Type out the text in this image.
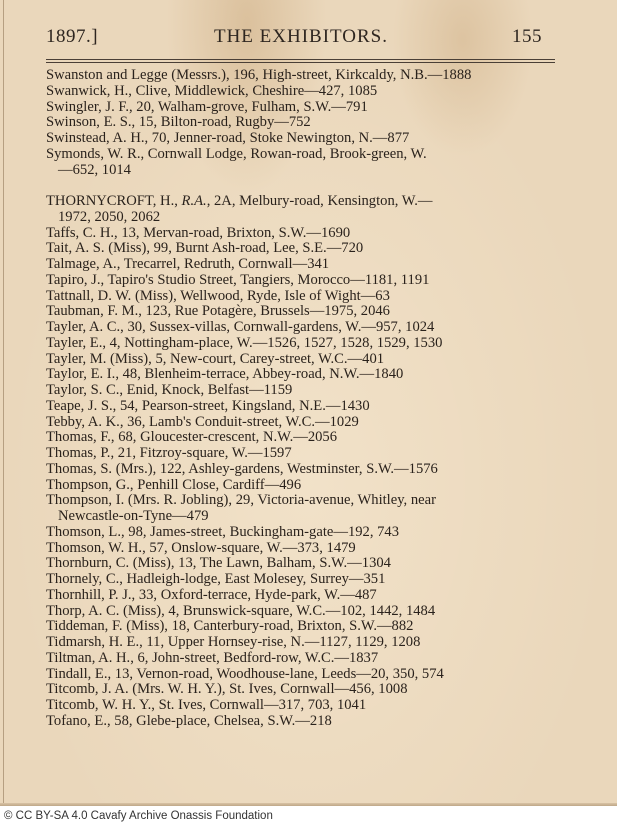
1897.]	THE EXHIBITORS.	155
Swanston and Legge (Messrs.), 196, High-street, Kirkcaldy, N.B.—1888
Swanwick, H., Clive, Middlewick, Cheshire—427, 1085
Swingler, J. F., 20, Walham-grove, Fulham, S.W.—791
Swinson, E. S., 15, Bilton-road, Rugby—752
Swinstead, A. H., 70, Jenner-road, Stoke Newington, N.—877
Symonds, W. R., Cornwall Lodge, Rowan-road, Brook-green, W.
—652, 1014
THORNYCROFT, H., R.A., 2A, Melbury-road, Kensington, W.—
1972, 2050, 2062
Taffs, C. H., 13, Mervan-road, Brixton, S.W.—1690
Tait, A. S. (Miss), 99, Burnt Ash-road, Lee, S.E.—720
Talmage, A., Trecarrel, Redruth, Cornwall—341
Tapiro, J., Tapiro's Studio Street, Tangiers, Morocco—1181, 1191
Tattnall, D. W. (Miss), Wellwood, Ryde, Isle of Wight—63
Taubman, F. M., 123, Rue Potagère, Brussels—1975, 2046
Tayler, A. C., 30, Sussex-villas, Cornwall-gardens, W.—957, 1024
Tayler, E., 4, Nottingham-place, W.—1526, 1527, 1528, 1529, 1530
Tayler, M. (Miss), 5, New-court, Carey-street, W.C.—401
Taylor, E. I., 48, Blenheim-terrace, Abbey-road, N.W.—1840
Taylor, S. C., Enid, Knock, Belfast—1159
Teape, J. S., 54, Pearson-street, Kingsland, N.E.—1430
Tebby, A. K., 36, Lamb's Conduit-street, W.C.—1029
Thomas, F., 68, Gloucester-crescent, N.W.—2056
Thomas, P., 21, Fitzroy-square, W.—1597
Thomas, S. (Mrs.), 122, Ashley-gardens, Westminster, S.W.—1576
Thompson, G., Penhill Close, Cardiff—496
Thompson, I. (Mrs. R. Jobling), 29, Victoria-avenue, Whitley, near
Newcastle-on-Tyne—479
Thomson, L., 98, James-street, Buckingham-gate—192, 743
Thomson, W. H., 57, Onslow-square, W.—373, 1479
Thornburn, C. (Miss), 13, The Lawn, Balham, S.W.—1304
Thornely, C., Hadleigh-lodge, East Molesey, Surrey—351
Thornhill, P. J., 33, Oxford-terrace, Hyde-park, W.—487
Thorp, A. C. (Miss), 4, Brunswick-square, W.C.—102, 1442, 1484
Tiddeman, F. (Miss), 18, Canterbury-road, Brixton, S.W.—882
Tidmarsh, H. E., 11, Upper Hornsey-rise, N.—1127, 1129, 1208
Tiltman, A. H., 6, John-street, Bedford-row, W.C.—1837
Tindall, E., 13, Vernon-road, Woodhouse-lane, Leeds—20, 350, 574
Titcomb, J. A. (Mrs. W. H. Y.), St. Ives, Cornwall—456, 1008
Titcomb, W. H. Y., St. Ives, Cornwall—317, 703, 1041
Tofano, E., 58, Glebe-place, Chelsea, S.W.—218
© CC BY-SA 4.0 Cavafy Archive Onassis Foundation
